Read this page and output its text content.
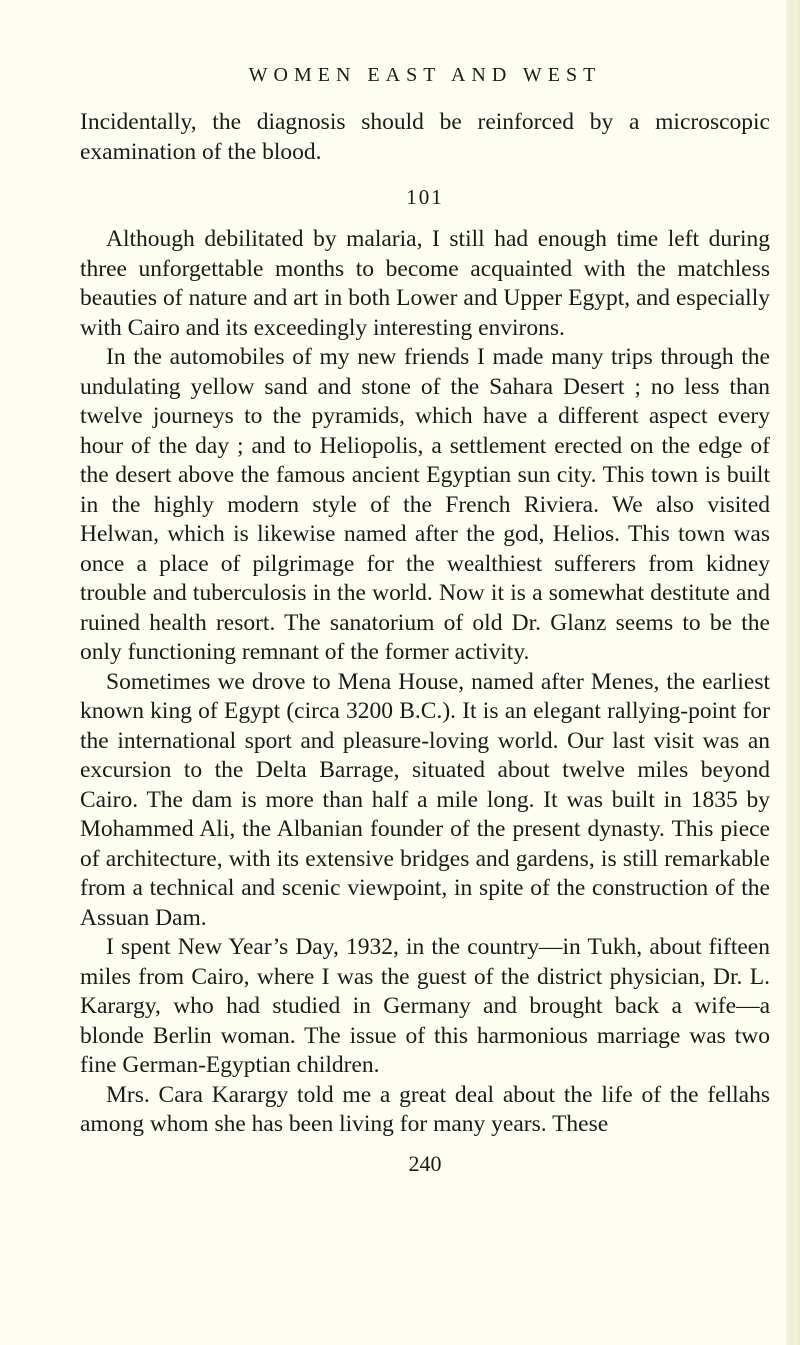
WOMEN EAST AND WEST

Incidentally, the diagnosis should be reinforced by a microscopic examination of the blood.

101

Although debilitated by malaria, I still had enough time left during three unforgettable months to become acquainted with the matchless beauties of nature and art in both Lower and Upper Egypt, and especially with Cairo and its exceedingly interesting environs.

In the automobiles of my new friends I made many trips through the undulating yellow sand and stone of the Sahara Desert ; no less than twelve journeys to the pyramids, which have a different aspect every hour of the day ; and to Heliopolis, a settlement erected on the edge of the desert above the famous ancient Egyptian sun city. This town is built in the highly modern style of the French Riviera. We also visited Helwan, which is likewise named after the god, Helios. This town was once a place of pilgrimage for the wealthiest sufferers from kidney trouble and tuberculosis in the world. Now it is a somewhat destitute and ruined health resort. The sanatorium of old Dr. Glanz seems to be the only functioning remnant of the former activity.

Sometimes we drove to Mena House, named after Menes, the earliest known king of Egypt (circa 3200 B.C.). It is an elegant rallying-point for the international sport and pleasure-loving world. Our last visit was an excursion to the Delta Barrage, situated about twelve miles beyond Cairo. The dam is more than half a mile long. It was built in 1835 by Mohammed Ali, the Albanian founder of the present dynasty. This piece of architecture, with its extensive bridges and gardens, is still remarkable from a technical and scenic viewpoint, in spite of the construction of the Assuan Dam.

I spent New Year’s Day, 1932, in the country—in Tukh, about fifteen miles from Cairo, where I was the guest of the district physician, Dr. L. Karargy, who had studied in Germany and brought back a wife—a blonde Berlin woman. The issue of this harmonious marriage was two fine German-Egyptian children.

Mrs. Cara Karargy told me a great deal about the life of the fellahs among whom she has been living for many years. These

240
